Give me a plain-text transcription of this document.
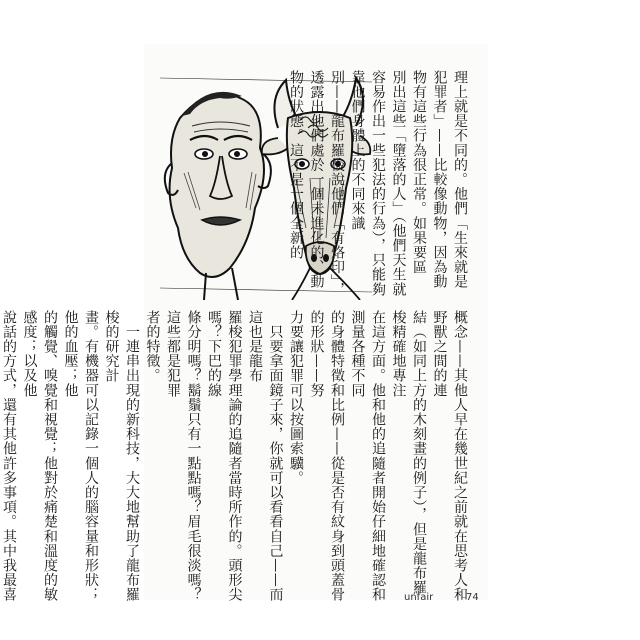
理上就是不同的。他們「生來就是犯罪者」——比較像動物，因為動物有這些行為很正常。如果要區
別出這些「墮落的人」（他們天生就容易作出一些犯法的行為），只能夠靠他們身體上的不同來識
別——龍布羅梭說他們「有烙印」，透露出他們處於一個未進化的、動物的狀態。這不是一個全新的
概念——其他人早在幾世紀之前就在思考人和野獸之間的連
結（如同上方的木刻畫的例子），但是龍布羅梭精確地專注
在這方面。他和他的追隨者開始仔細地確認和測量各種不同
的身體特徵和比例——從是否有紋身到頭蓋骨的形狀——努
力要讓犯罪可以按圖索驥。
　只要拿面鏡子來，你就可以看看自己——而這也是龍布
羅梭犯罪學理論的追隨者當時所作的。頭形尖嗎？下巴的線
條分明嗎？鬍鬚只有一點點嗎？眉毛很淡嗎？這些都是犯罪
者的特徵。
　一連串出現的新科技，大大地幫助了龍布羅梭的研究計
畫。有機器可以記錄一個人的腦容量和形狀；他的血壓；他
的觸覺、嗅覺和視覺；他對於痛楚和溫度的敏感度；以及他
說話的方式，還有其他許多事項。其中我最喜	unfair	74
